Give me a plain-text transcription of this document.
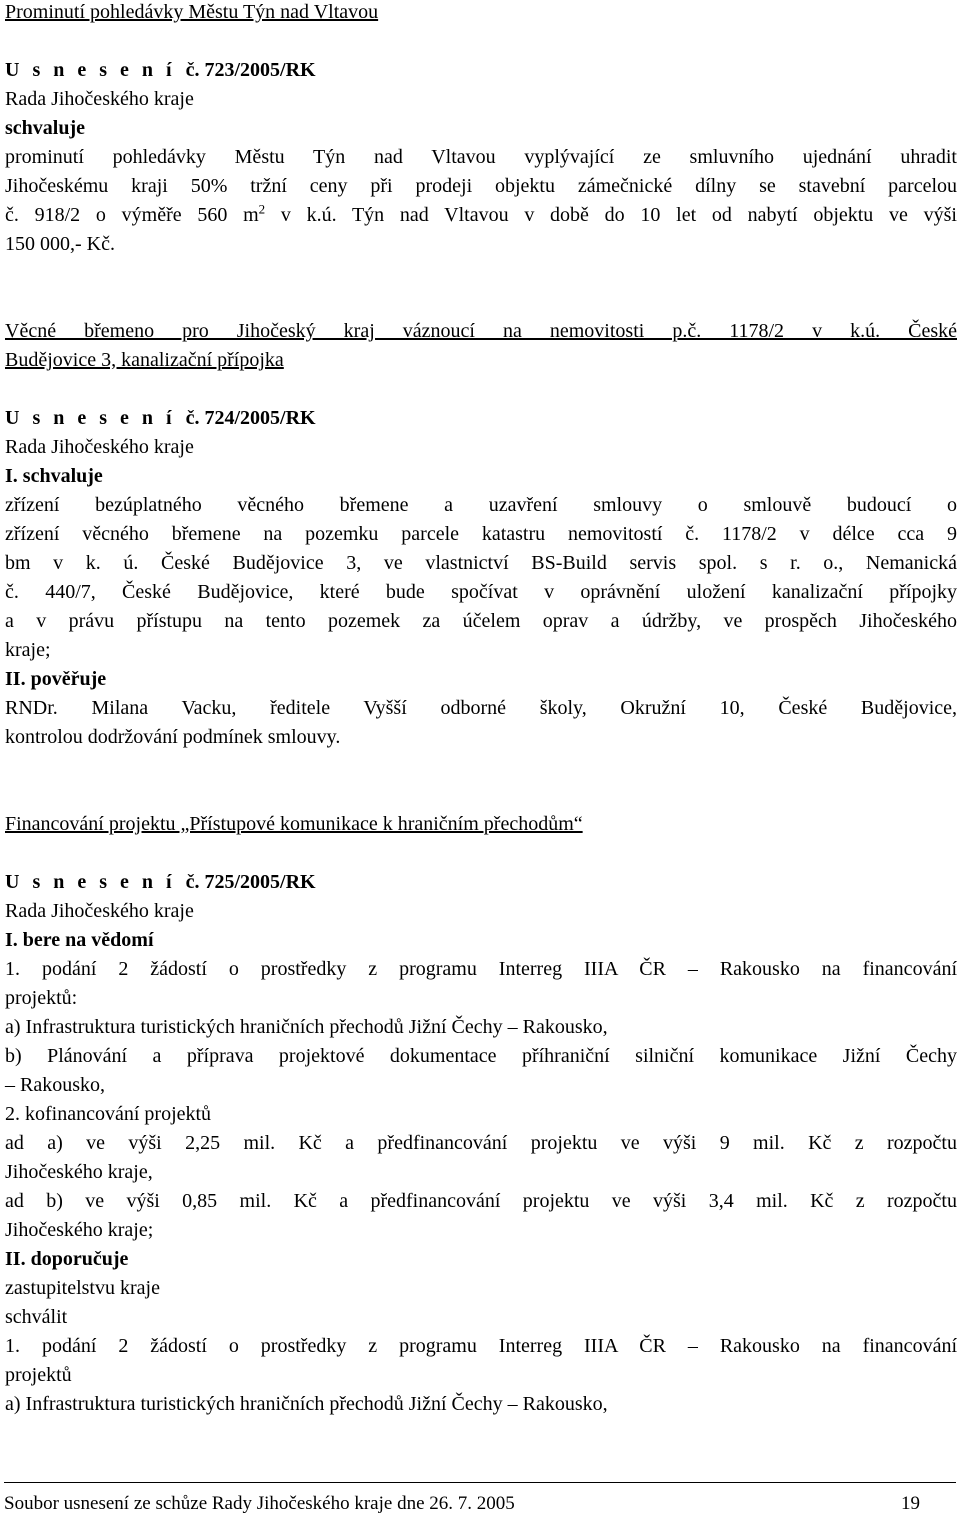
Prominutí pohledávky Městu Týn nad Vltavou
U s n e s e n í č. 723/2005/RK
Rada Jihočeského kraje
schvaluje
prominutí pohledávky Městu Týn nad Vltavou vyplývající ze smluvního ujednání uhradit
Jihočeskému kraji 50% tržní ceny při prodeji objektu zámečnické dílny se stavební parcelou
č. 918/2 o výměře 560 $m^2$ v k.ú. Týn nad Vltavou v době do 10 let od nabytí objektu ve výši
150 000,- Kč.
Věcné břemeno pro Jihočeský kraj váznoucí na nemovitosti p.č. 1178/2 v k.ú. České
Budějovice 3, kanalizační přípojka
U s n e s e n í č. 724/2005/RK
Rada Jihočeského kraje
I. schvaluje
zřízení bezúplatného věcného břemene a uzavření smlouvy o smlouvě budoucí o
zřízení věcného břemene na pozemku parcele katastru nemovitostí č. 1178/2 v délce cca 9
bm v k. ú. České Budějovice 3, ve vlastnictví BS-Build servis spol. s r. o., Nemanická
č. 440/7, České Budějovice, které bude spočívat v oprávnění uložení kanalizační přípojky
a v právu přístupu na tento pozemek za účelem oprav a údržby, ve prospěch Jihočeského
kraje;
II. pověřuje
RNDr. Milana Vacku, ředitele Vyšší odborné školy, Okružní 10, České Budějovice,
kontrolou dodržování podmínek smlouvy.
Financování projektu „Přístupové komunikace k hraničním přechodům“
U s n e s e n í č. 725/2005/RK
Rada Jihočeského kraje
I. bere na vědomí
1. podání 2 žádostí o prostředky z programu Interreg IIIA ČR – Rakousko na financování
projektů:
a) Infrastruktura turistických hraničních přechodů Jižní Čechy – Rakousko,
b) Plánování a příprava projektové dokumentace příhraniční silniční komunikace Jižní Čechy
– Rakousko,
2. kofinancování projektů
ad a) ve výši 2,25 mil. Kč a předfinancování projektu ve výši 9 mil. Kč z rozpočtu
Jihočeského kraje,
ad b) ve výši 0,85 mil. Kč a předfinancování projektu ve výši 3,4 mil. Kč z rozpočtu
Jihočeského kraje;
II. doporučuje
zastupitelstvu kraje
schválit
1. podání 2 žádostí o prostředky z programu Interreg IIIA ČR – Rakousko na financování
projektů
a) Infrastruktura turistických hraničních přechodů Jižní Čechy – Rakousko,
Soubor usnesení ze schůze Rady Jihočeského kraje dne 26. 7. 2005	19
